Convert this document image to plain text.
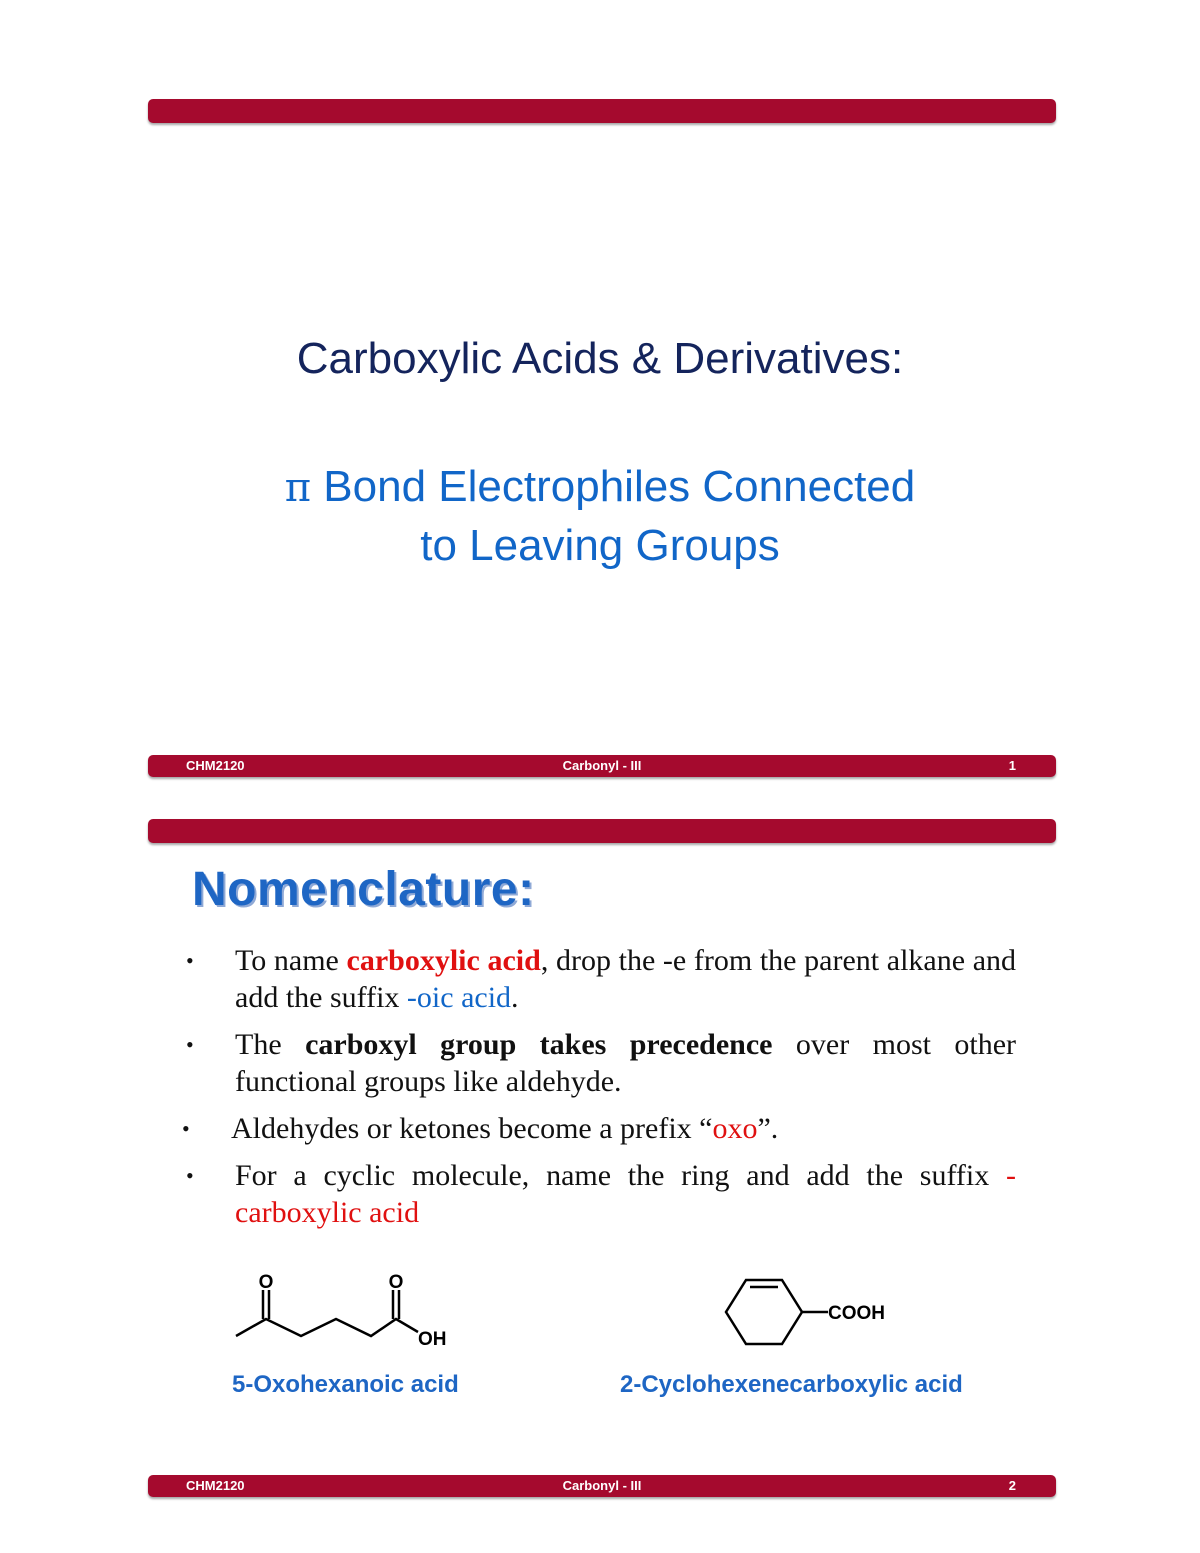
Carboxylic Acids & Derivatives:
π Bond Electrophiles Connected
to Leaving Groups
CHM2120	Carbonyl - III	1
Nomenclature:
• To name carboxylic acid, drop the -e from the parent alkane and add the suffix -oic acid.
• The carboxyl group takes precedence over most other functional groups like aldehyde.
• Aldehydes or ketones become a prefix “oxo”.
• For a cyclic molecule, name the ring and add the suffix -carboxylic acid
O	O
OH
5-Oxohexanoic acid
COOH
2-Cyclohexenecarboxylic acid
CHM2120	Carbonyl - III	2
